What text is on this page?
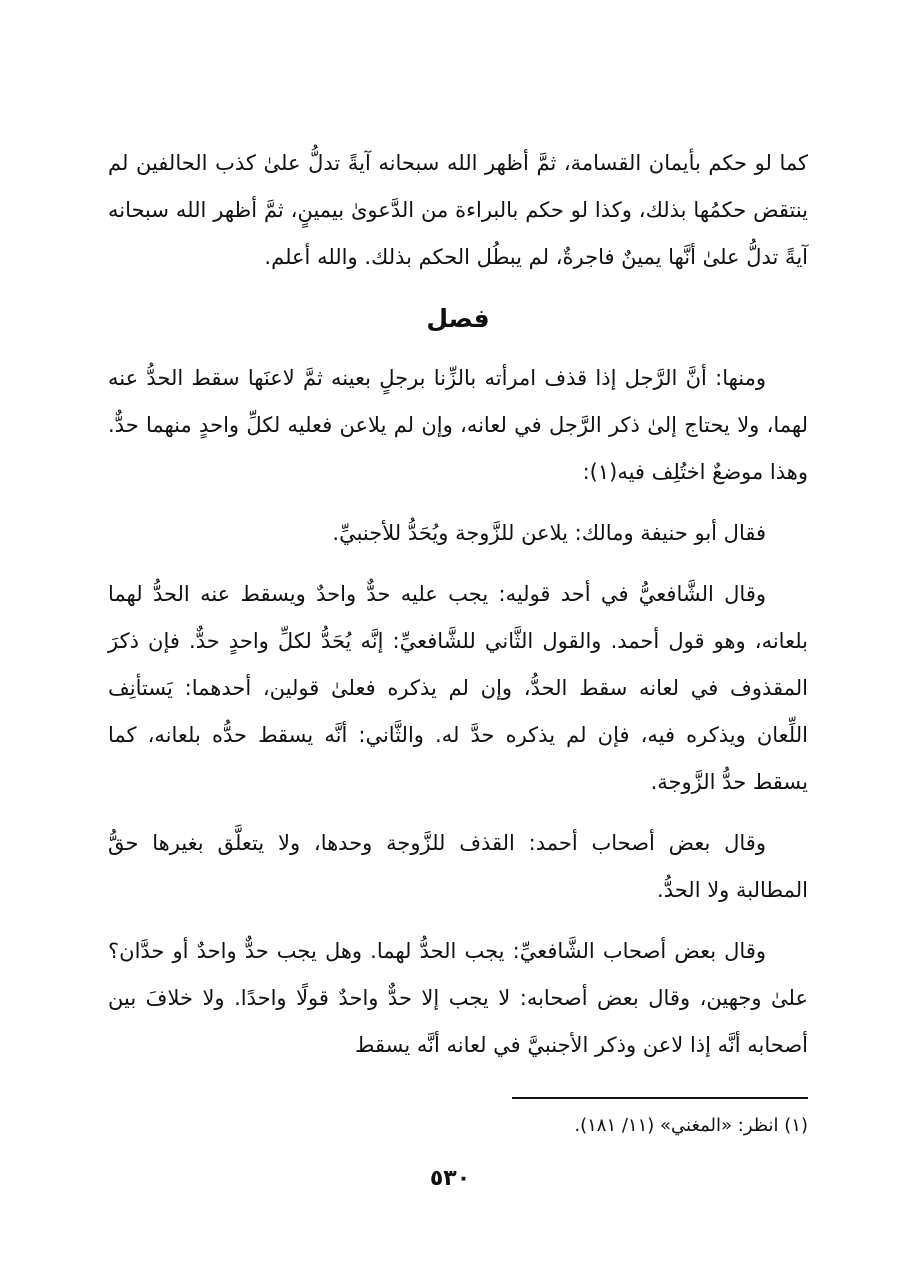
كما لو حكم بأيمان القسامة، ثمَّ أظهر الله سبحانه آيةً تدلُّ علىٰ كذب الحالفين لم ينتقض حكمُها بذلك، وكذا لو حكم بالبراءة من الدَّعوىٰ بيمينٍ، ثمَّ أظهر الله سبحانه آيةً تدلُّ علىٰ أنَّها يمينٌ فاجرةٌ، لم يبطُل الحكم بذلك. والله أعلم.

فصل

ومنها: أنَّ الرَّجل إذا قذف امرأته بالزِّنا برجلٍ بعينه ثمَّ لاعنَها سقط الحدُّ عنه لهما، ولا يحتاج إلىٰ ذكر الرَّجل في لعانه، وإن لم يلاعن فعليه لكلِّ واحدٍ منهما حدٌّ. وهذا موضعٌ اختُلِف فيه(١):

فقال أبو حنيفة ومالك: يلاعن للزَّوجة ويُحَدُّ للأجنبيِّ.

وقال الشَّافعيُّ في أحد قوليه: يجب عليه حدٌّ واحدٌ ويسقط عنه الحدُّ لهما بلعانه، وهو قول أحمد. والقول الثَّاني للشَّافعيِّ: إنَّه يُحَدُّ لكلِّ واحدٍ حدٌّ. فإن ذكرَ المقذوف في لعانه سقط الحدُّ، وإن لم يذكره فعلىٰ قولين، أحدهما: يَستأنِف اللِّعان ويذكره فيه، فإن لم يذكره حدَّ له. والثَّاني: أنَّه يسقط حدُّه بلعانه، كما يسقط حدُّ الزَّوجة.

وقال بعض أصحاب أحمد: القذف للزَّوجة وحدها، ولا يتعلَّق بغيرها حقُّ المطالبة ولا الحدُّ.

وقال بعض أصحاب الشَّافعيِّ: يجب الحدُّ لهما. وهل يجب حدٌّ واحدٌ أو حدَّان؟ علىٰ وجهين، وقال بعض أصحابه: لا يجب إلا حدٌّ واحدٌ قولًا واحدًا. ولا خلافَ بين أصحابه أنَّه إذا لاعن وذكر الأجنبيَّ في لعانه أنَّه يسقط

(١) انظر: «المغني» (١١/ ١٨١).
٥٣٠
